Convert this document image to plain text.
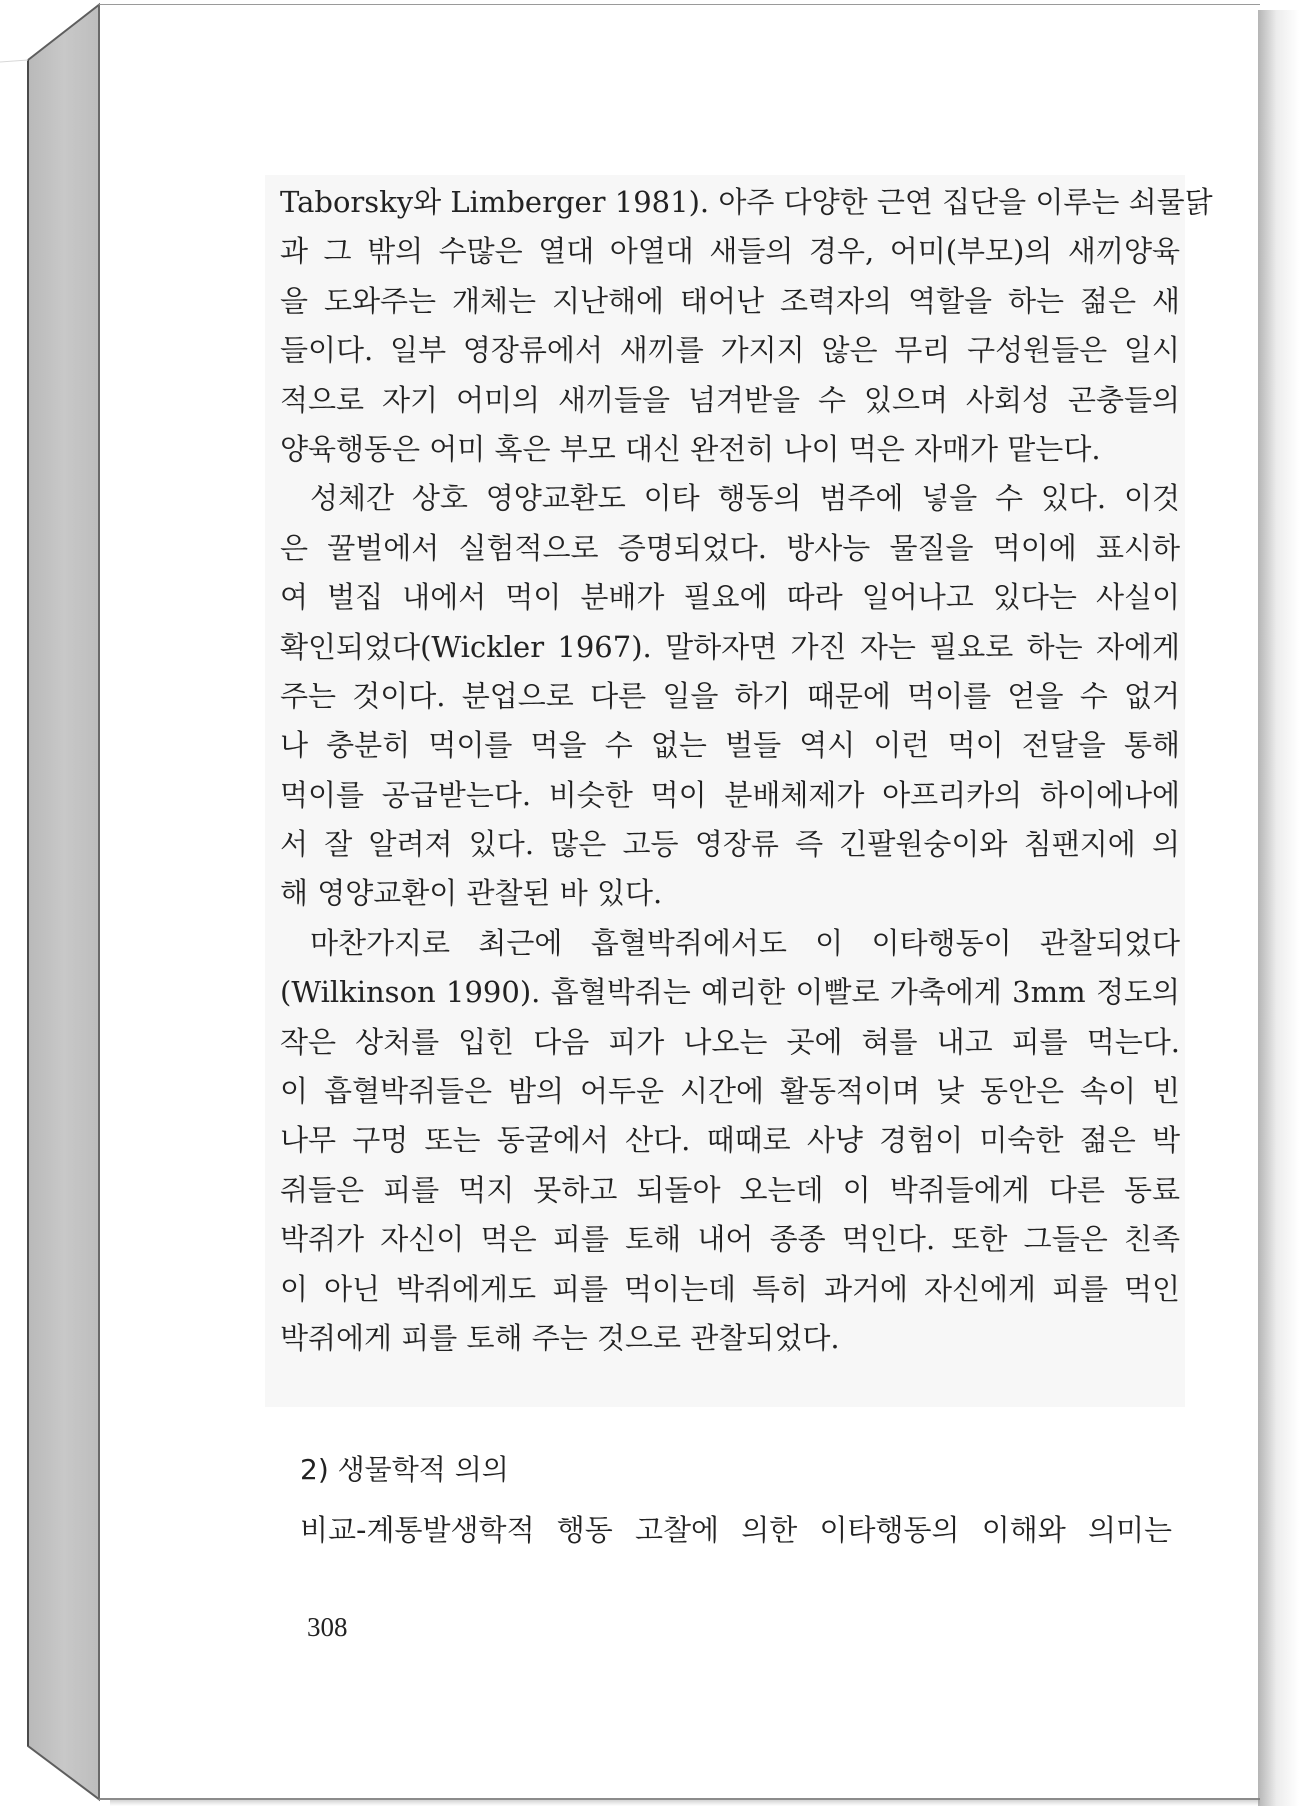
Taborsky와 Limberger 1981). 아주 다양한 근연 집단을 이루는 쇠물닭
과 그 밖의 수많은 열대 아열대 새들의 경우, 어미(부모)의 새끼양육
을 도와주는 개체는 지난해에 태어난 조력자의 역할을 하는 젊은 새
들이다. 일부 영장류에서 새끼를 가지지 않은 무리 구성원들은 일시
적으로 자기 어미의 새끼들을 넘겨받을 수 있으며 사회성 곤충들의
양육행동은 어미 혹은 부모 대신 완전히 나이 먹은 자매가 맡는다.
성체간 상호 영양교환도 이타 행동의 범주에 넣을 수 있다. 이것
은 꿀벌에서 실험적으로 증명되었다. 방사능 물질을 먹이에 표시하
여 벌집 내에서 먹이 분배가 필요에 따라 일어나고 있다는 사실이
확인되었다(Wickler 1967). 말하자면 가진 자는 필요로 하는 자에게
주는 것이다. 분업으로 다른 일을 하기 때문에 먹이를 얻을 수 없거
나 충분히 먹이를 먹을 수 없는 벌들 역시 이런 먹이 전달을 통해
먹이를 공급받는다. 비슷한 먹이 분배체제가 아프리카의 하이에나에
서 잘 알려져 있다. 많은 고등 영장류 즉 긴팔원숭이와 침팬지에 의
해 영양교환이 관찰된 바 있다.
마찬가지로 최근에 흡혈박쥐에서도 이 이타행동이 관찰되었다
(Wilkinson 1990). 흡혈박쥐는 예리한 이빨로 가축에게 3mm 정도의
작은 상처를 입힌 다음 피가 나오는 곳에 혀를 내고 피를 먹는다.
이 흡혈박쥐들은 밤의 어두운 시간에 활동적이며 낮 동안은 속이 빈
나무 구멍 또는 동굴에서 산다. 때때로 사냥 경험이 미숙한 젊은 박
쥐들은 피를 먹지 못하고 되돌아 오는데 이 박쥐들에게 다른 동료
박쥐가 자신이 먹은 피를 토해 내어 종종 먹인다. 또한 그들은 친족
이 아닌 박쥐에게도 피를 먹이는데 특히 과거에 자신에게 피를 먹인
박쥐에게 피를 토해 주는 것으로 관찰되었다.
2) 생물학적 의의
비교-계통발생학적 행동 고찰에 의한 이타행동의 이해와 의미는
308
